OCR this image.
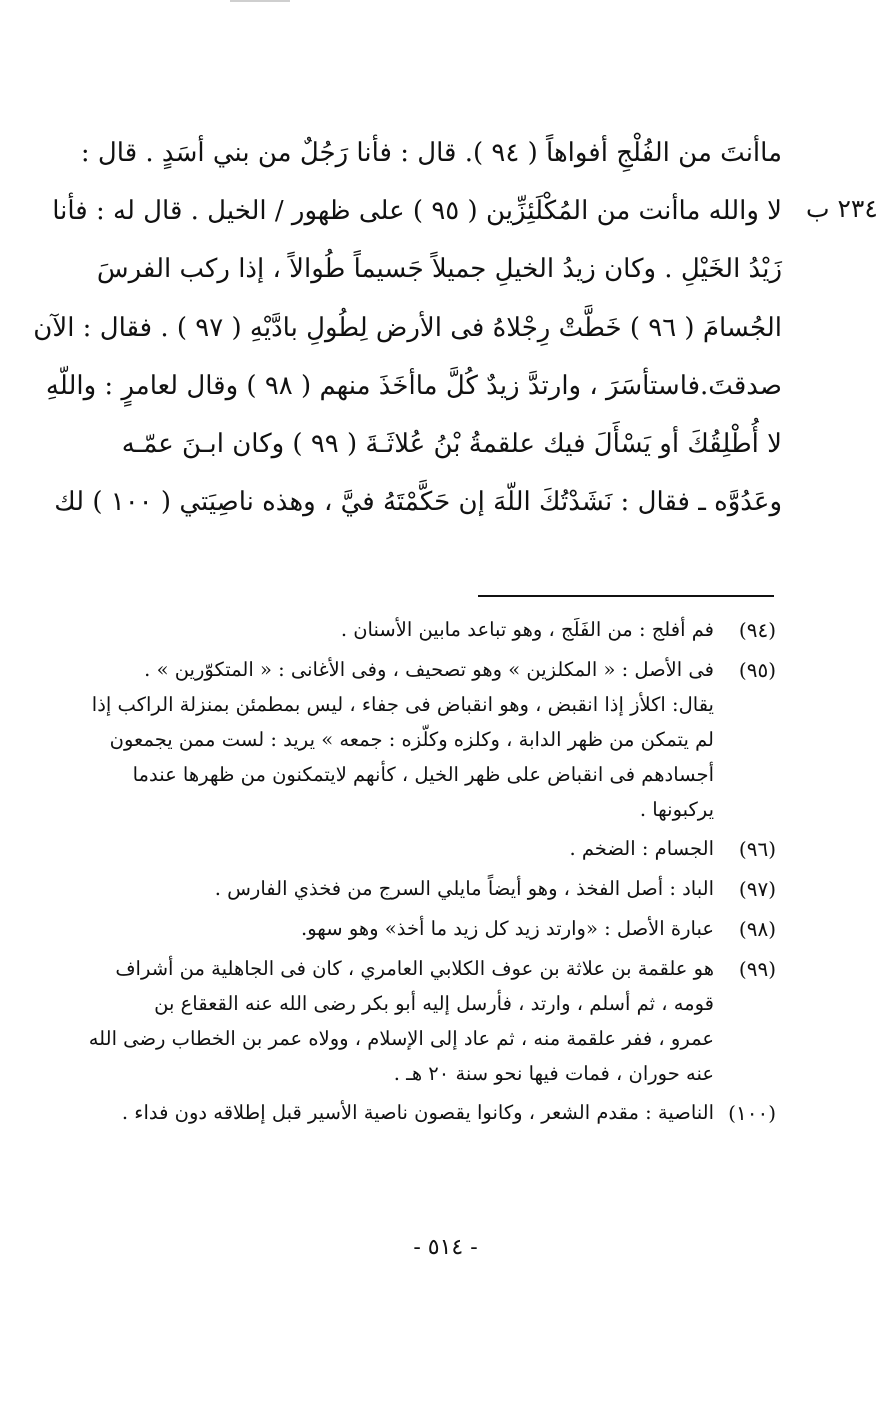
٢٣٤ ب
ماأنتَ من الفُلْجِ أفواهاً ( ٩٤ ). قال : فأنا رَجُلٌ من بني أسَدٍ . قال :
لا والله ماأنت من المُكْلَئِزِّين ( ٩٥ ) على ظهور / الخيل . قال له : فأنا
زَيْدُ الخَيْلِ . وكان زيدُ الخيلِ جميلاً جَسيماً طُوالاً ، إذا ركب الفرسَ
الجُسامَ ( ٩٦ ) خَطَّتْ رِجْلاهُ فى الأرض لِطُولِ بادَّيْهِ ( ٩٧ ) . فقال : الآن
صدقتَ.فاستأسَرَ ، وارتدَّ زيدٌ كُلَّ ماأخَذَ منهم ( ٩٨ ) وقال لعامرٍ : واللّهِ
لا أُطْلِقُكَ أو يَسْأَلَ فيك علقمةُ بْنُ عُلاثَـةَ ( ٩٩ ) وكان ابـنَ عمّـه
وعَدُوَّه ـ فقال : نَشَدْتُكَ اللّهَ إن حَكَّمْتَهُ فيَّ ، وهذه ناصِيَتي ( ١٠٠ ) لك
(٩٤)
فم أفلج : من الفَلَج ، وهو تباعد مابين الأسنان .
(٩٥)
فى الأصل : « المكلزين » وهو تصحيف ، وفى الأغانى : « المتكوّرين » .
يقال: اكلأز إذا انقبض ، وهو انقباض فى جفاء ، ليس بمطمئن بمنزلة الراكب إذا
لم يتمكن من ظهر الدابة ، وكلزه وكلّزه : جمعه » يريد : لست ممن يجمعون
أجسادهم فى انقباض على ظهر الخيل ، كأنهم لايتمكنون من ظهرها عندما
يركبونها .
(٩٦)
الجسام : الضخم .
(٩٧)
الباد : أصل الفخذ ، وهو أيضاً مايلي السرج من فخذي الفارس .
(٩٨)
عبارة الأصل : «وارتد زيد كل زيد ما أخذ» وهو سهو.
(٩٩)
هو علقمة بن علاثة بن عوف الكلابي العامري ، كان فى الجاهلية من أشراف
قومه ، ثم أسلم ، وارتد ، فأرسل إليه أبو بكر رضى الله عنه القعقاع بن
عمرو ، ففر علقمة منه ، ثم عاد إلى الإسلام ، وولاه عمر بن الخطاب رضى الله
عنه حوران ، فمات فيها نحو سنة ٢٠ هـ .
(١٠٠)
الناصية : مقدم الشعر ، وكانوا يقصون ناصية الأسير قبل إطلاقه دون فداء .
- ٥١٤ -
